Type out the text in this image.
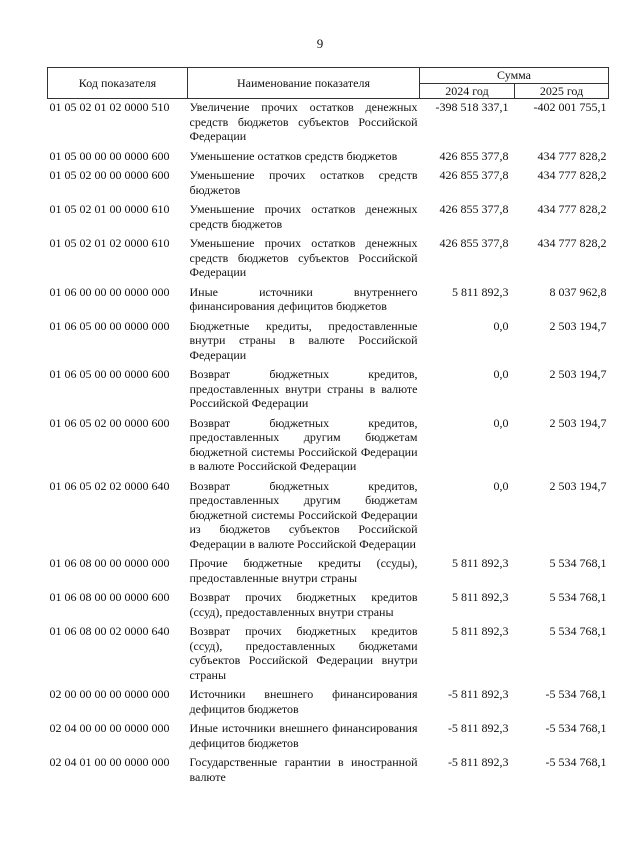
9
Код показателя	Наименование показателя	Сумма	
		2024 год	2025 год
01 05 02 01 02 0000 510	Увеличение прочих остатков денежных средств бюджетов субъектов Российской Федерации	-398 518 337,1	-402 001 755,1
01 05 00 00 00 0000 600	Уменьшение остатков средств бюджетов	426 855 377,8	434 777 828,2
01 05 02 00 00 0000 600	Уменьшение прочих остатков средств бюджетов	426 855 377,8	434 777 828,2
01 05 02 01 00 0000 610	Уменьшение прочих остатков денежных средств бюджетов	426 855 377,8	434 777 828,2
01 05 02 01 02 0000 610	Уменьшение прочих остатков денежных средств бюджетов субъектов Российской Федерации	426 855 377,8	434 777 828,2
01 06 00 00 00 0000 000	Иные источники внутреннего финансирования дефицитов бюджетов	5 811 892,3	8 037 962,8
01 06 05 00 00 0000 000	Бюджетные кредиты, предоставленные внутри страны в валюте Российской Федерации	0,0	2 503 194,7
01 06 05 00 00 0000 600	Возврат бюджетных кредитов, предоставленных внутри страны в валюте Российской Федерации	0,0	2 503 194,7
01 06 05 02 00 0000 600	Возврат бюджетных кредитов, предоставленных другим бюджетам бюджетной системы Российской Федерации в валюте Российской Федерации	0,0	2 503 194,7
01 06 05 02 02 0000 640	Возврат бюджетных кредитов, предоставленных другим бюджетам бюджетной системы Российской Федерации из бюджетов субъектов Российской Федерации в валюте Российской Федерации	0,0	2 503 194,7
01 06 08 00 00 0000 000	Прочие бюджетные кредиты (ссуды), предоставленные внутри страны	5 811 892,3	5 534 768,1
01 06 08 00 00 0000 600	Возврат прочих бюджетных кредитов (ссуд), предоставленных внутри страны	5 811 892,3	5 534 768,1
01 06 08 00 02 0000 640	Возврат прочих бюджетных кредитов (ссуд), предоставленных бюджетами субъектов Российской Федерации внутри страны	5 811 892,3	5 534 768,1
02 00 00 00 00 0000 000	Источники внешнего финансирования дефицитов бюджетов	-5 811 892,3	-5 534 768,1
02 04 00 00 00 0000 000	Иные источники внешнего финансирования дефицитов бюджетов	-5 811 892,3	-5 534 768,1
02 04 01 00 00 0000 000	Государственные гарантии в иностранной валюте	-5 811 892,3	-5 534 768,1
